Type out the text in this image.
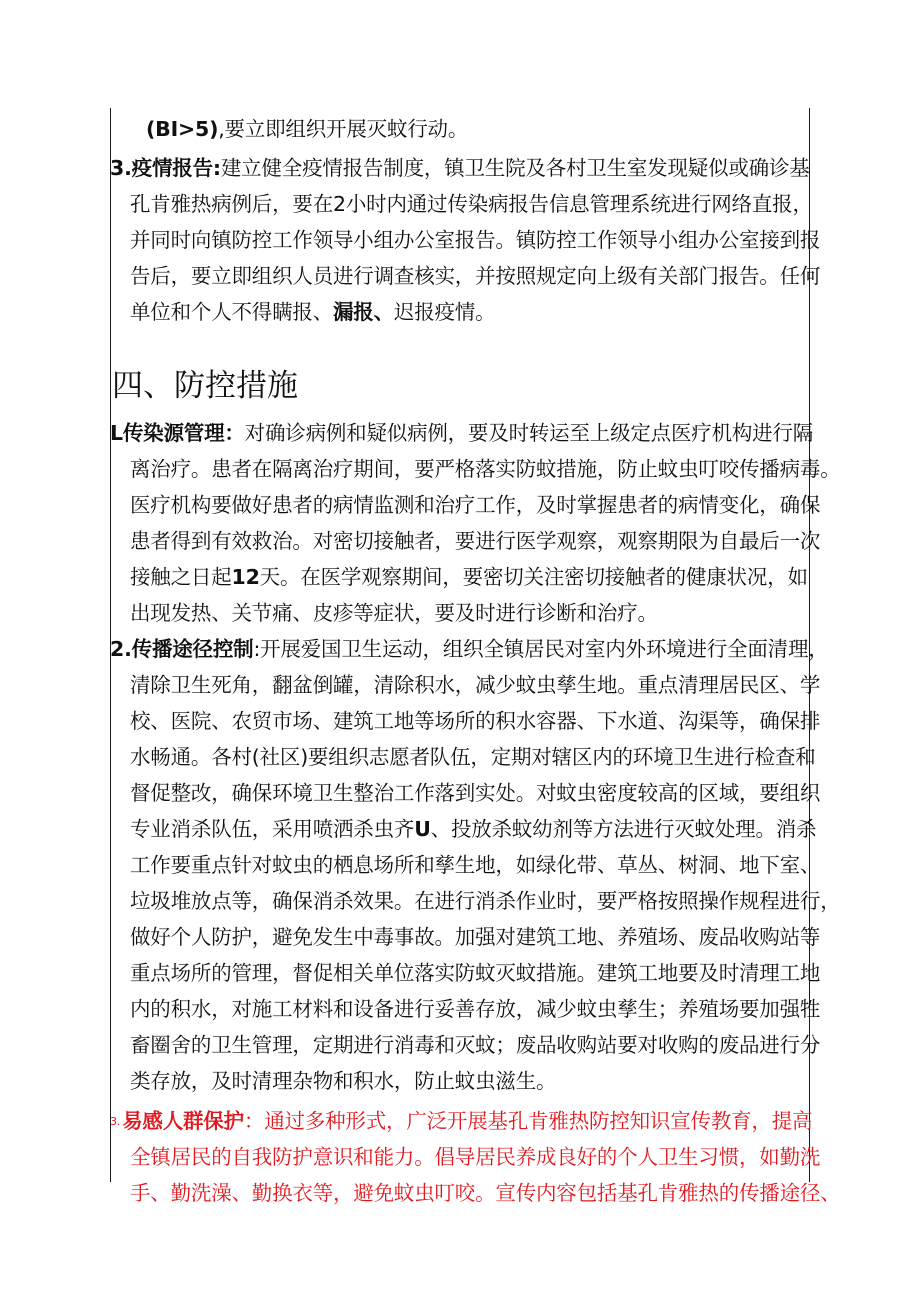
(BI>5),要立即组织开展灭蚊行动。
3.疫情报告:建立健全疫情报告制度，镇卫生院及各村卫生室发现疑似或确诊基
孔肯雅热病例后，要在2小时内通过传染病报告信息管理系统进行网络直报，
并同时向镇防控工作领导小组办公室报告。镇防控工作领导小组办公室接到报
告后，要立即组织人员进行调查核实，并按照规定向上级有关部门报告。任何
单位和个人不得瞒报、漏报、迟报疫情。
四、防控措施
L传染源管理：对确诊病例和疑似病例，要及时转运至上级定点医疗机构进行隔
离治疗。患者在隔离治疗期间，要严格落实防蚊措施，防止蚊虫叮咬传播病毒。
医疗机构要做好患者的病情监测和治疗工作，及时掌握患者的病情变化，确保
患者得到有效救治。对密切接触者，要进行医学观察，观察期限为自最后一次
接触之日起12天。在医学观察期间，要密切关注密切接触者的健康状况，如
出现发热、关节痛、皮疹等症状，要及时进行诊断和治疗。
2.传播途径控制:开展爱国卫生运动，组织全镇居民对室内外环境进行全面清理，
清除卫生死角，翻盆倒罐，清除积水，减少蚊虫孳生地。重点清理居民区、学
校、医院、农贸市场、建筑工地等场所的积水容器、下水道、沟渠等，确保排
水畅通。各村(社区)要组织志愿者队伍，定期对辖区内的环境卫生进行检查和
督促整改，确保环境卫生整治工作落到实处。对蚊虫密度较高的区域，要组织
专业消杀队伍，采用喷洒杀虫齐U、投放杀蚊幼剂等方法进行灭蚊处理。消杀
工作要重点针对蚊虫的栖息场所和孳生地，如绿化带、草丛、树洞、地下室、
垃圾堆放点等，确保消杀效果。在进行消杀作业时，要严格按照操作规程进行，
做好个人防护，避免发生中毒事故。加强对建筑工地、养殖场、废品收购站等
重点场所的管理，督促相关单位落实防蚊灭蚊措施。建筑工地要及时清理工地
内的积水，对施工材料和设备进行妥善存放，减少蚊虫孳生；养殖场要加强牲
畜圈舍的卫生管理，定期进行消毒和灭蚊；废品收购站要对收购的废品进行分
类存放，及时清理杂物和积水，防止蚊虫滋生。
3.易感人群保护：通过多种形式，广泛开展基孔肯雅热防控知识宣传教育，提高
全镇居民的自我防护意识和能力。倡导居民养成良好的个人卫生习惯，如勤洗
手、勤洗澡、勤换衣等，避免蚊虫叮咬。宣传内容包括基孔肯雅热的传播途径、
